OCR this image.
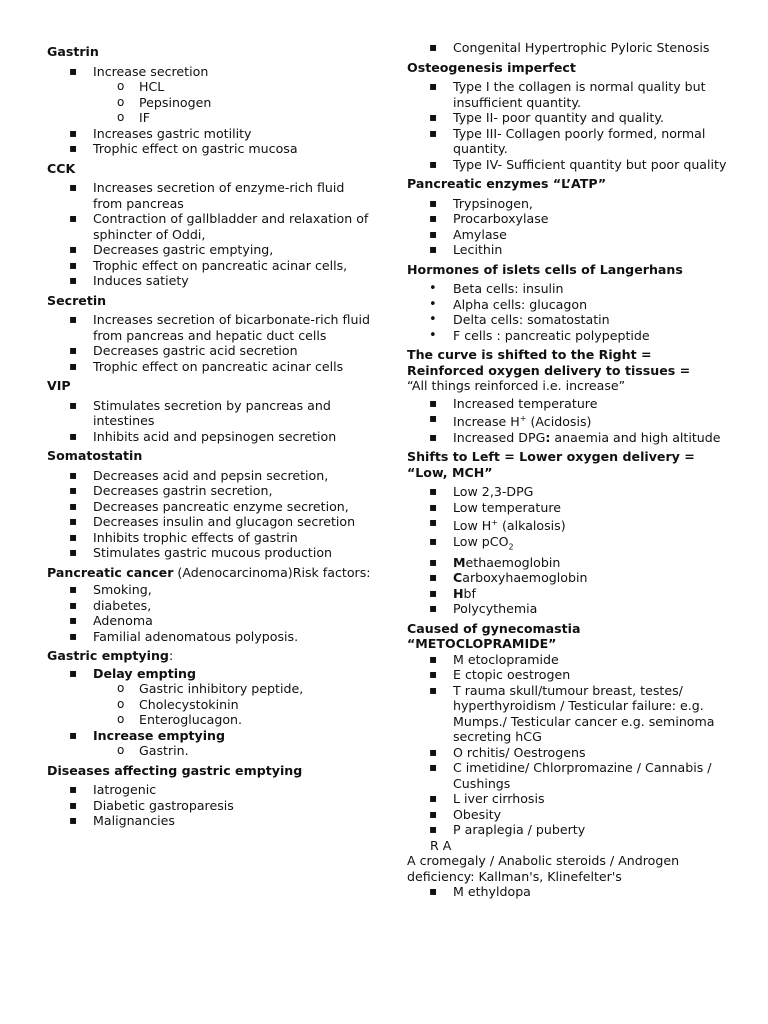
Gastrin
▪ Increase secretion
o HCL
o Pepsinogen
o IF
▪ Increases gastric motility
▪ Trophic effect on gastric mucosa
CCK
▪ Increases secretion of enzyme-rich fluid from pancreas
▪ Contraction of gallbladder and relaxation of sphincter of Oddi,
▪ Decreases gastric emptying,
▪ Trophic effect on pancreatic acinar cells,
▪ Induces satiety
Secretin
▪ Increases secretion of bicarbonate-rich fluid from pancreas and hepatic duct cells
▪ Decreases gastric acid secretion
▪ Trophic effect on pancreatic acinar cells
VIP
▪ Stimulates secretion by pancreas and intestines
▪ Inhibits acid and pepsinogen secretion
Somatostatin
▪ Decreases acid and pepsin secretion,
▪ Decreases gastrin secretion,
▪ Decreases pancreatic enzyme secretion,
▪ Decreases insulin and glucagon secretion
▪ Inhibits trophic effects of gastrin
▪ Stimulates gastric mucous production
Pancreatic cancer (Adenocarcinoma)Risk factors:
▪ Smoking,
▪ diabetes,
▪ Adenoma
▪ Familial adenomatous polyposis.
Gastric emptying:
▪ Delay empting
o Gastric inhibitory peptide,
o Cholecystokinin
o Enteroglucagon.
▪ Increase emptying
o Gastrin.
Diseases affecting gastric emptying
▪ Iatrogenic
▪ Diabetic gastroparesis
▪ Malignancies
▪ Congenital Hypertrophic Pyloric Stenosis
Osteogenesis imperfect
▪ Type I the collagen is normal quality but insufficient quantity.
▪ Type II- poor quantity and quality.
▪ Type III- Collagen poorly formed, normal quantity.
▪ Type IV- Sufficient quantity but poor quality
Pancreatic enzymes “L’ATP”
▪ Trypsinogen,
▪ Procarboxylase
▪ Amylase
▪ Lecithin
Hormones of islets cells of Langerhans
• Beta cells: insulin
• Alpha cells: glucagon
• Delta cells: somatostatin
• F cells : pancreatic polypeptide
The curve is shifted to the Right = Reinforced oxygen delivery to tissues =
“All things reinforced i.e. increase”
▪ Increased temperature
▪ Increase H+ (Acidosis)
▪ Increased DPG: anaemia and high altitude
Shifts to Left = Lower oxygen delivery = “Low, MCH”
▪ Low 2,3-DPG
▪ Low temperature
▪ Low H+ (alkalosis)
▪ Low pCO$_2$
▪ Methaemoglobin
▪ Carboxyhaemoglobin
▪ Hbf
▪ Polycythemia
Caused of gynecomastia “METOCLOPRAMIDE”
▪ M etoclopramide
▪ E ctopic oestrogen
▪ T rauma skull/tumour breast, testes/ hyperthyroidism / Testicular failure: e.g. Mumps./ Testicular cancer e.g. seminoma secreting hCG
▪ O rchitis/ Oestrogens
▪ C imetidine/ Chlorpromazine / Cannabis / Cushings
▪ L iver cirrhosis
▪ Obesity
▪ P araplegia / puberty
R A
A cromegaly / Anabolic steroids / Androgen deficiency: Kallman's, Klinefelter's
▪ M ethyldopa
